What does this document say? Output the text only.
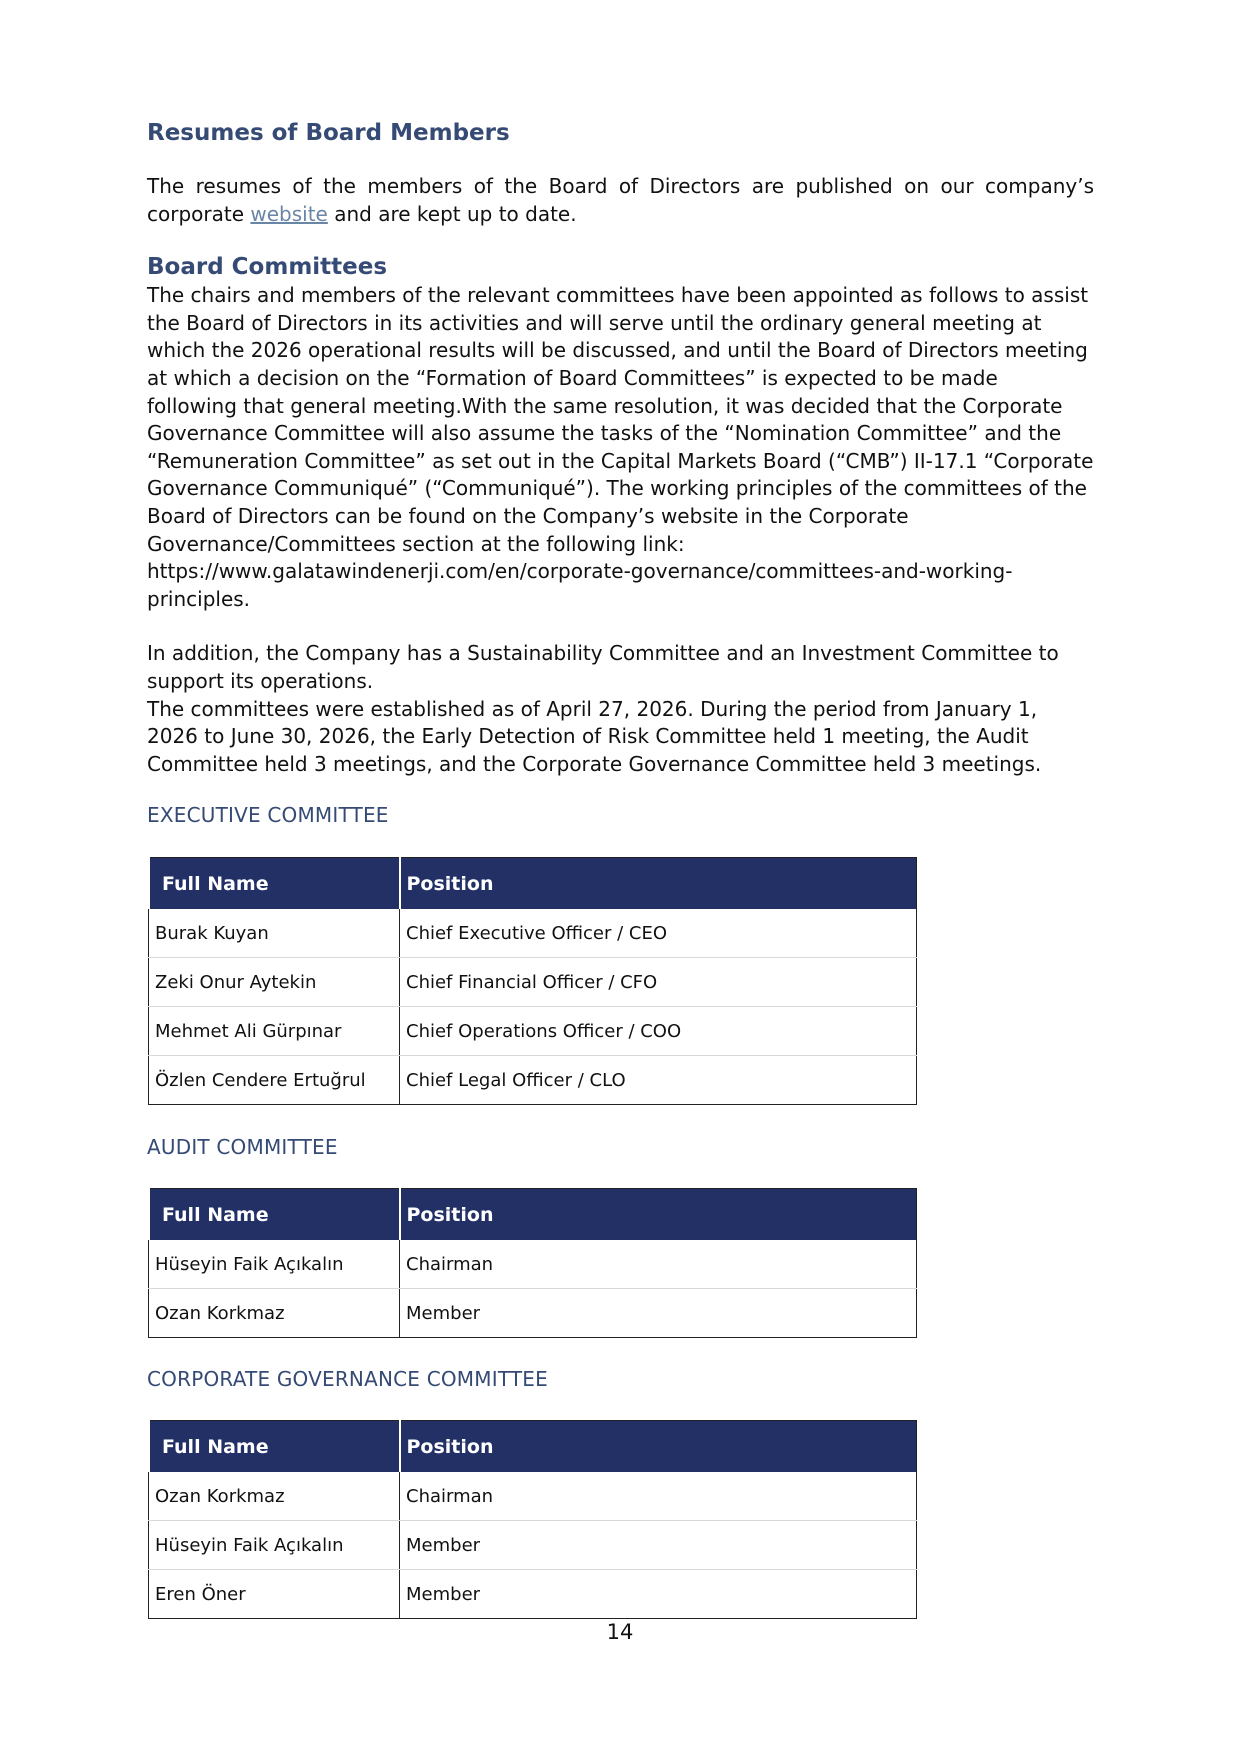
Resumes of Board Members

The resumes of the members of the Board of Directors are published on our company’s corporate website and are kept up to date.

Board Committees

The chairs and members of the relevant committees have been appointed as follows to assist the Board of Directors in its activities and will serve until the ordinary general meeting at which the 2026 operational results will be discussed, and until the Board of Directors meeting at which a decision on the “Formation of Board Committees” is expected to be made following that general meeting.With the same resolution, it was decided that the Corporate Governance Committee will also assume the tasks of the “Nomination Committee” and the “Remuneration Committee” as set out in the Capital Markets Board (“CMB”) II-17.1 “Corporate Governance Communiqué” (“Communiqué”). The working principles of the committees of the Board of Directors can be found on the Company’s website in the Corporate Governance/Committees section at the following link:
https://www.galatawindenerji.com/en/corporate-governance/committees-and-working-principles.

In addition, the Company has a Sustainability Committee and an Investment Committee to support its operations.

The committees were established as of April 27, 2026. During the period from January 1, 2026 to June 30, 2026, the Early Detection of Risk Committee held 1 meeting, the Audit Committee held 3 meetings, and the Corporate Governance Committee held 3 meetings.

EXECUTIVE COMMITTEE

Full Name	Position
Burak Kuyan	Chief Executive Officer / CEO
Zeki Onur Aytekin	Chief Financial Officer / CFO
Mehmet Ali Gürpınar	Chief Operations Officer / COO
Özlen Cendere Ertuğrul	Chief Legal Officer / CLO

AUDIT COMMITTEE

Full Name	Position
Hüseyin Faik Açıkalın	Chairman
Ozan Korkmaz	Member

CORPORATE GOVERNANCE COMMITTEE

Full Name	Position
Ozan Korkmaz	Chairman
Hüseyin Faik Açıkalın	Member
Eren Öner	Member
14
